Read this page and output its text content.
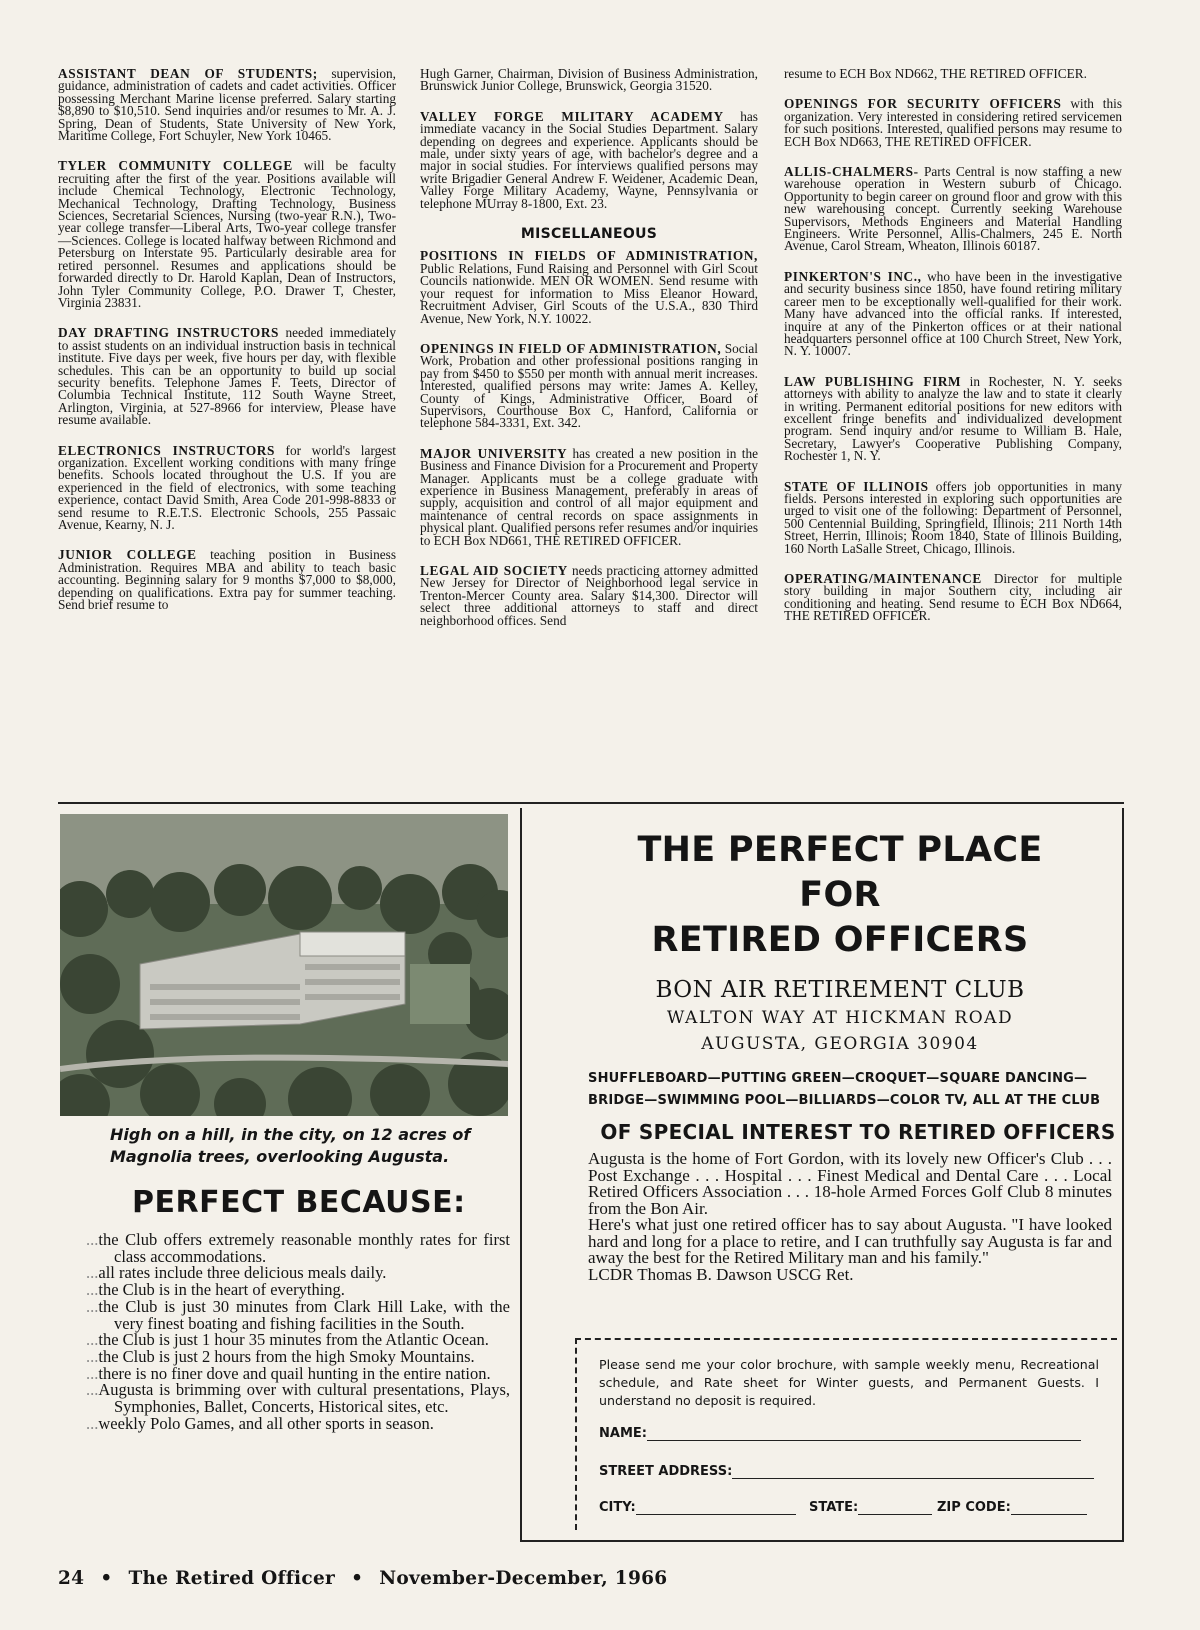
ASSISTANT DEAN OF STUDENTS; supervision, guidance, administration of cadets and cadet activities. Officer possessing Merchant Marine license preferred. Salary starting $8,890 to $10,510. Send inquiries and/or resumes to Mr. A. J. Spring, Dean of Students, State University of New York, Maritime College, Fort Schuyler, New York 10465.

TYLER COMMUNITY COLLEGE will be faculty recruiting after the first of the year. Positions available will include Chemical Technology, Electronic Technology, Mechanical Technology, Drafting Technology, Business Sciences, Secretarial Sciences, Nursing (two-year R.N.), Two-year college transfer—Liberal Arts, Two-year college transfer—Sciences. College is located halfway between Richmond and Petersburg on Interstate 95. Particularly desirable area for retired personnel. Resumes and applications should be forwarded directly to Dr. Harold Kaplan, Dean of Instructors, John Tyler Community College, P.O. Drawer T, Chester, Virginia 23831.

DAY DRAFTING INSTRUCTORS needed immediately to assist students on an individual instruction basis in technical institute. Five days per week, five hours per day, with flexible schedules. This can be an opportunity to build up social security benefits. Telephone James F. Teets, Director of Columbia Technical Institute, 112 South Wayne Street, Arlington, Virginia, at 527-8966 for interview, Please have resume available.

ELECTRONICS INSTRUCTORS for world's largest organization. Excellent working conditions with many fringe benefits. Schools located throughout the U.S. If you are experienced in the field of electronics, with some teaching experience, contact David Smith, Area Code 201-998-8833 or send resume to R.E.T.S. Electronic Schools, 255 Passaic Avenue, Kearny, N. J.

JUNIOR COLLEGE teaching position in Business Administration. Requires MBA and ability to teach basic accounting. Beginning salary for 9 months $7,000 to $8,000, depending on qualifications. Extra pay for summer teaching. Send brief resume to

Hugh Garner, Chairman, Division of Business Administration, Brunswick Junior College, Brunswick, Georgia 31520.

VALLEY FORGE MILITARY ACADEMY has immediate vacancy in the Social Studies Department. Salary depending on degrees and experience. Applicants should be male, under sixty years of age, with bachelor's degree and a major in social studies. For interviews qualified persons may write Brigadier General Andrew F. Weidener, Academic Dean, Valley Forge Military Academy, Wayne, Pennsylvania or telephone MUrray 8-1800, Ext. 23.

MISCELLANEOUS

POSITIONS IN FIELDS OF ADMINISTRATION, Public Relations, Fund Raising and Personnel with Girl Scout Councils nationwide. MEN OR WOMEN. Send resume with your request for information to Miss Eleanor Howard, Recruitment Adviser, Girl Scouts of the U.S.A., 830 Third Avenue, New York, N.Y. 10022.

OPENINGS IN FIELD OF ADMINISTRATION, Social Work, Probation and other professional positions ranging in pay from $450 to $550 per month with annual merit increases. Interested, qualified persons may write: James A. Kelley, County of Kings, Administrative Officer, Board of Supervisors, Courthouse Box C, Hanford, California or telephone 584-3331, Ext. 342.

MAJOR UNIVERSITY has created a new position in the Business and Finance Division for a Procurement and Property Manager. Applicants must be a college graduate with experience in Business Management, preferably in areas of supply, acquisition and control of all major equipment and maintenance of central records on space assignments in physical plant. Qualified persons refer resumes and/or inquiries to ECH Box ND661, THE RETIRED OFFICER.

LEGAL AID SOCIETY needs practicing attorney admitted New Jersey for Director of Neighborhood legal service in Trenton-Mercer County area. Salary $14,300. Director will select three additional attorneys to staff and direct neighborhood offices. Send

resume to ECH Box ND662, THE RETIRED OFFICER.

OPENINGS FOR SECURITY OFFICERS with this organization. Very interested in considering retired servicemen for such positions. Interested, qualified persons may resume to ECH Box ND663, THE RETIRED OFFICER.

ALLIS-CHALMERS- Parts Central is now staffing a new warehouse operation in Western suburb of Chicago. Opportunity to begin career on ground floor and grow with this new warehousing concept. Currently seeking Warehouse Supervisors, Methods Engineers and Material Handling Engineers. Write Personnel, Allis-Chalmers, 245 E. North Avenue, Carol Stream, Wheaton, Illinois 60187.

PINKERTON'S INC., who have been in the investigative and security business since 1850, have found retiring military career men to be exceptionally well-qualified for their work. Many have advanced into the official ranks. If interested, inquire at any of the Pinkerton offices or at their national headquarters personnel office at 100 Church Street, New York, N. Y. 10007.

LAW PUBLISHING FIRM in Rochester, N. Y. seeks attorneys with ability to analyze the law and to state it clearly in writing. Permanent editorial positions for new editors with excellent fringe benefits and individualized development program. Send inquiry and/or resume to William B. Hale, Secretary, Lawyer's Cooperative Publishing Company, Rochester 1, N. Y.

STATE OF ILLINOIS offers job opportunities in many fields. Persons interested in exploring such opportunities are urged to visit one of the following: Department of Personnel, 500 Centennial Building, Springfield, Illinois; 211 North 14th Street, Herrin, Illinois; Room 1840, State of Illinois Building, 160 North LaSalle Street, Chicago, Illinois.

OPERATING/MAINTENANCE Director for multiple story building in major Southern city, including air conditioning and heating. Send resume to ECH Box ND664, THE RETIRED OFFICER.

High on a hill, in the city, on 12 acres of Magnolia trees, overlooking Augusta.
PERFECT BECAUSE:
... the Club offers extremely reasonable monthly rates for first class accommodations.
... all rates include three delicious meals daily.
... the Club is in the heart of everything.
... the Club is just 30 minutes from Clark Hill Lake, with the very finest boating and fishing facilities in the South.
... the Club is just 1 hour 35 minutes from the Atlantic Ocean.
... the Club is just 2 hours from the high Smoky Mountains.
... there is no finer dove and quail hunting in the entire nation.
... Augusta is brimming over with cultural presentations, Plays, Symphonies, Ballet, Concerts, Historical sites, etc.
... weekly Polo Games, and all other sports in season.
THE PERFECT PLACE
FOR
RETIRED OFFICERS
BON AIR RETIREMENT CLUB
WALTON WAY AT HICKMAN ROAD
AUGUSTA, GEORGIA 30904
SHUFFLEBOARD—PUTTING GREEN—CROQUET—SQUARE DANCING—
BRIDGE—SWIMMING POOL—BILLIARDS—COLOR TV, ALL AT THE CLUB
OF SPECIAL INTEREST TO RETIRED OFFICERS
Augusta is the home of Fort Gordon, with its lovely new Officer's Club . . . Post Exchange . . . Hospital . . . Finest Medical and Dental Care . . . Local Retired Officers Association . . . 18-hole Armed Forces Golf Club 8 minutes from the Bon Air.
Here's what just one retired officer has to say about Augusta. "I have looked hard and long for a place to retire, and I can truthfully say Augusta is far and away the best for the Retired Military man and his family."
LCDR Thomas B. Dawson USCG Ret.
Please send me your color brochure, with sample weekly menu, Recreational schedule, and Rate sheet for Winter guests, and Permanent Guests. I understand no deposit is required.
NAME:
STREET ADDRESS:
CITY:	STATE:	ZIP CODE:
24 • The Retired Officer • November-December, 1966
